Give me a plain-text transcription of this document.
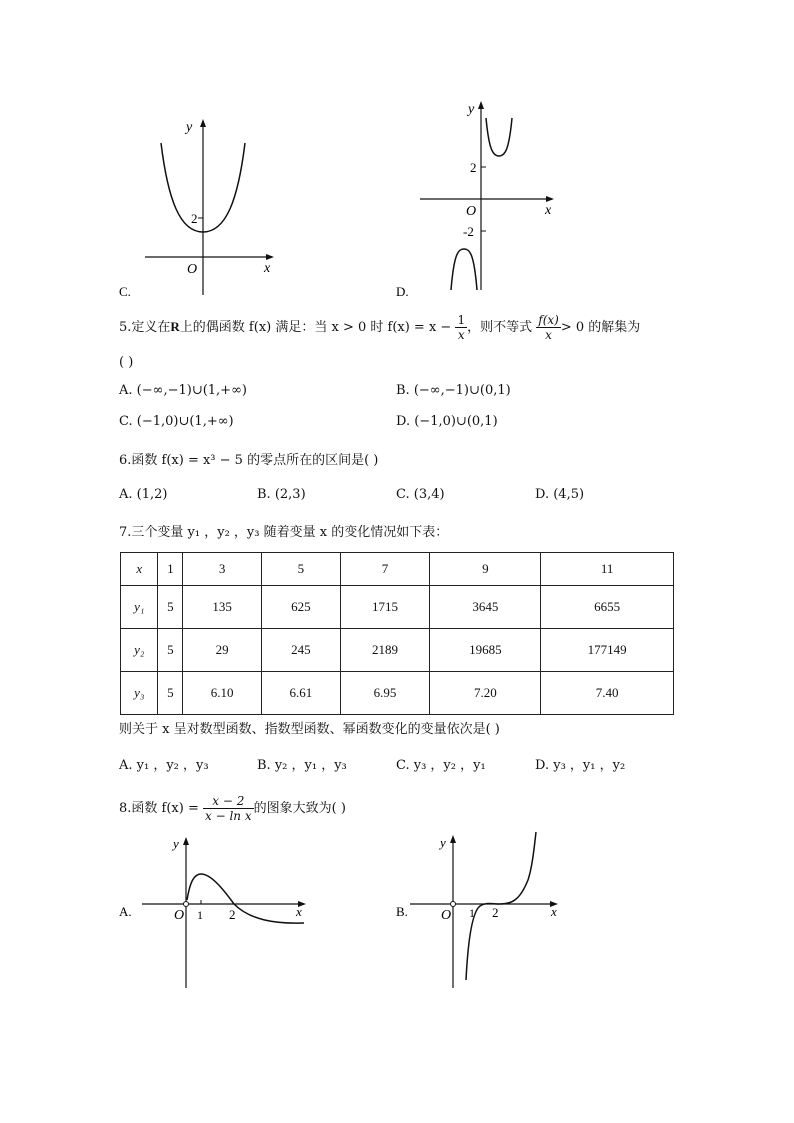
y
x
O
2
C.
y
x
O
2
-2
D.
5.定义在R上的偶函数 f(x) 满足：当 x > 0 时 $f(x) = x - \frac{1}{x}$ ，则不等式 $\frac{f(x)}{x} > 0$ 的解集为
( )
A. (−∞,−1)∪(1,+∞)	B. (−∞,−1)∪(0,1)
C. (−1,0)∪(1,+∞)	D. (−1,0)∪(0,1)
6.函数 f(x) = x³ − 5 的零点所在的区间是( )
A. (1,2)	B. (2,3)	C. (3,4)	D. (4,5)
7.三个变量 y₁ ，y₂ ，y₃ 随着变量 x 的变化情况如下表：
x	1	3	5	7	9	11
y₁	5	135	625	1715	3645	6655
y₂	5	29	245	2189	19685	177149
y₃	5	6.10	6.61	6.95	7.20	7.40
则关于 x 呈对数型函数、指数型函数、幂函数变化的变量依次是( )
A. y₁ ，y₂ ，y₃	B. y₂ ，y₁ ，y₃	C. y₃ ，y₂ ，y₁	D. y₃ ，y₁ ，y₂
8.函数 $f(x) = \frac{x - 2}{\text{x − ln x}}$ 的图象大致为( )
y
x
O 1 2
A.
y
x
O 1 2
B.
